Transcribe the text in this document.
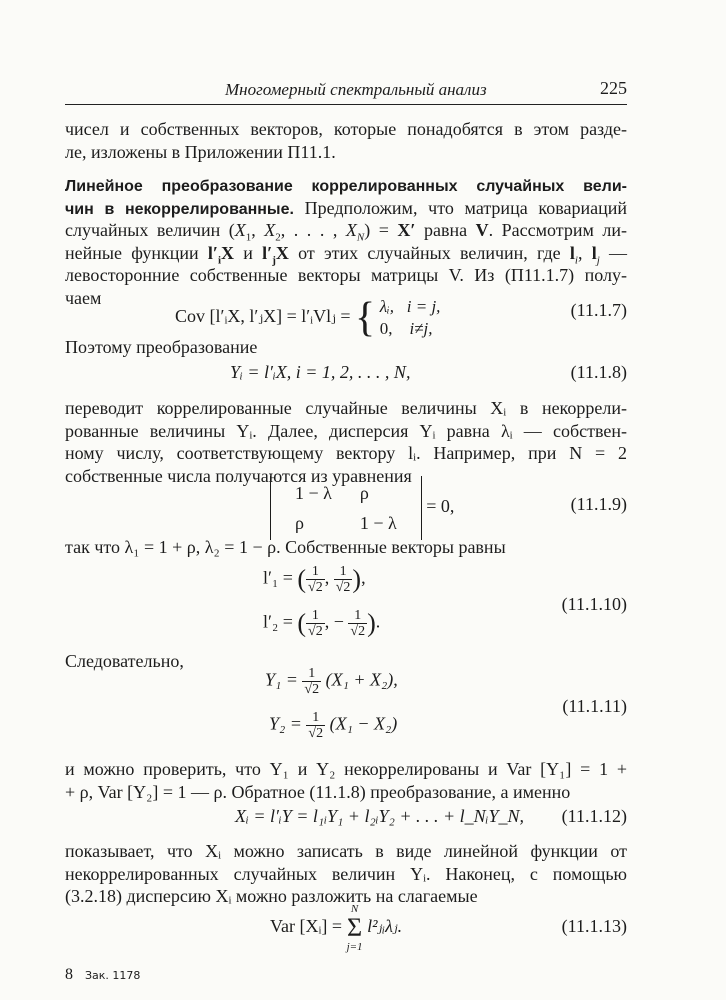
Многомерный спектральный анализ	225
чисел и собственных векторов, которые понадобятся в этом разде-
ле, изложены в Приложении П11.1.
Линейное преобразование коррелированных случайных вели-
чин в некоррелированные. Предположим, что матрица ковариаций
случайных величин ($X_1$, $X_2$, . . . , $X_N) = X'$ равна V. Рассмотрим ли-
нейные функции $l'_iX$ и $l'_jX$ от этих случайных величин, где $l_i$, $l_j$ —
левосторонние собственные векторы матрицы V. Из (П11.1.7) полу-
чаем
Cov [l′ᵢX, l′ⱼX] = l′ᵢVlⱼ = { λᵢ, i = j,
0, i≠j,
(11.1.7)
Поэтому преобразование
Yᵢ = l′ᵢX, i = 1, 2, . . . , N,	(11.1.8)
переводит коррелированные случайные величины Xᵢ в некоррели-
рованные величины Yᵢ. Далее, дисперсия Yᵢ равна λᵢ — собствен-
ному числу, соответствующему вектору lᵢ. Например, при N = 2
собственные числа получаются из уравнения
1 − λ	ρ
ρ	1 − λ
= 0,	(11.1.9)
так что λ₁ = 1 + ρ, λ₂ = 1 − ρ. Собственные векторы равны
l′₁ = ( $\frac{1}{√2}$ , $\frac{1}{√2}$ ),
l′₂ = ( $\frac{1}{√2}$ , − $\frac{1}{√2}$ ).
(11.1.10)
Следовательно,
$Y_1 = \frac{1}{√2} (X_1 + X_2)$,
$Y_2 = \frac{1}{√2} (X_1 - X_2)$
(11.1.11)
и можно проверить, что Y₁ и Y₂ некоррелированы и Var [Y₁] = 1 +
+ ρ, Var [Y₂] = 1 — ρ. Обратное (11.1.8) преобразование, а именно
Xᵢ = l′ᵢY = l₁ᵢY₁ + l₂ᵢY₂ + . . . + l_NᵢY_N, (11.1.12)
показывает, что Xᵢ можно записать в виде линейной функции от
некоррелированных случайных величин Yᵢ. Наконец, с помощью
(3.2.18) дисперсию Xᵢ можно разложить на слагаемые
Var [Xᵢ] =
N
Σ
j=1
l²ⱼᵢλⱼ.	(11.1.13)
8 Зак. 1178
